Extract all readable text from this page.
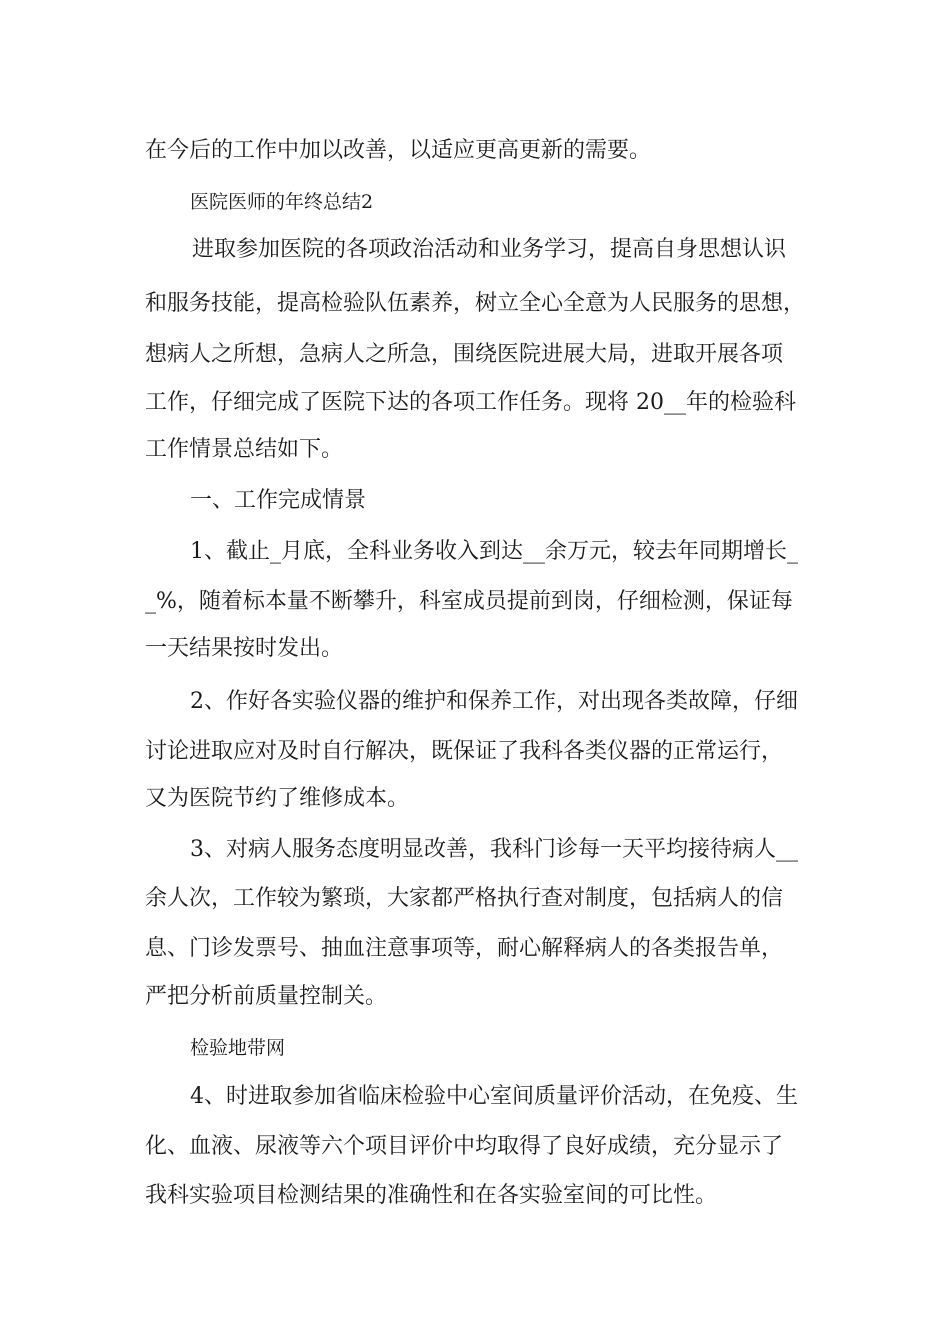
在今后的工作中加以改善，以适应更高更新的需要。
医院医师的年终总结2
进取参加医院的各项政治活动和业务学习，提高自身思想认识
和服务技能，提高检验队伍素养，树立全心全意为人民服务的思想，
想病人之所想，急病人之所急，围绕医院进展大局，进取开展各项
工作，仔细完成了医院下达的各项工作任务。现将 20__年的检验科
工作情景总结如下。
一、工作完成情景
1、截止_月底，全科业务收入到达__余万元，较去年同期增长_
_%，随着标本量不断攀升，科室成员提前到岗，仔细检测，保证每
一天结果按时发出。
2、作好各实验仪器的维护和保养工作，对出现各类故障，仔细
讨论进取应对及时自行解决，既保证了我科各类仪器的正常运行，
又为医院节约了维修成本。
3、对病人服务态度明显改善，我科门诊每一天平均接待病人__
余人次，工作较为繁琐，大家都严格执行查对制度，包括病人的信
息、门诊发票号、抽血注意事项等，耐心解释病人的各类报告单，
严把分析前质量控制关。
检验地带网
4、时进取参加省临床检验中心室间质量评价活动，在免疫、生
化、血液、尿液等六个项目评价中均取得了良好成绩，充分显示了
我科实验项目检测结果的准确性和在各实验室间的可比性。
